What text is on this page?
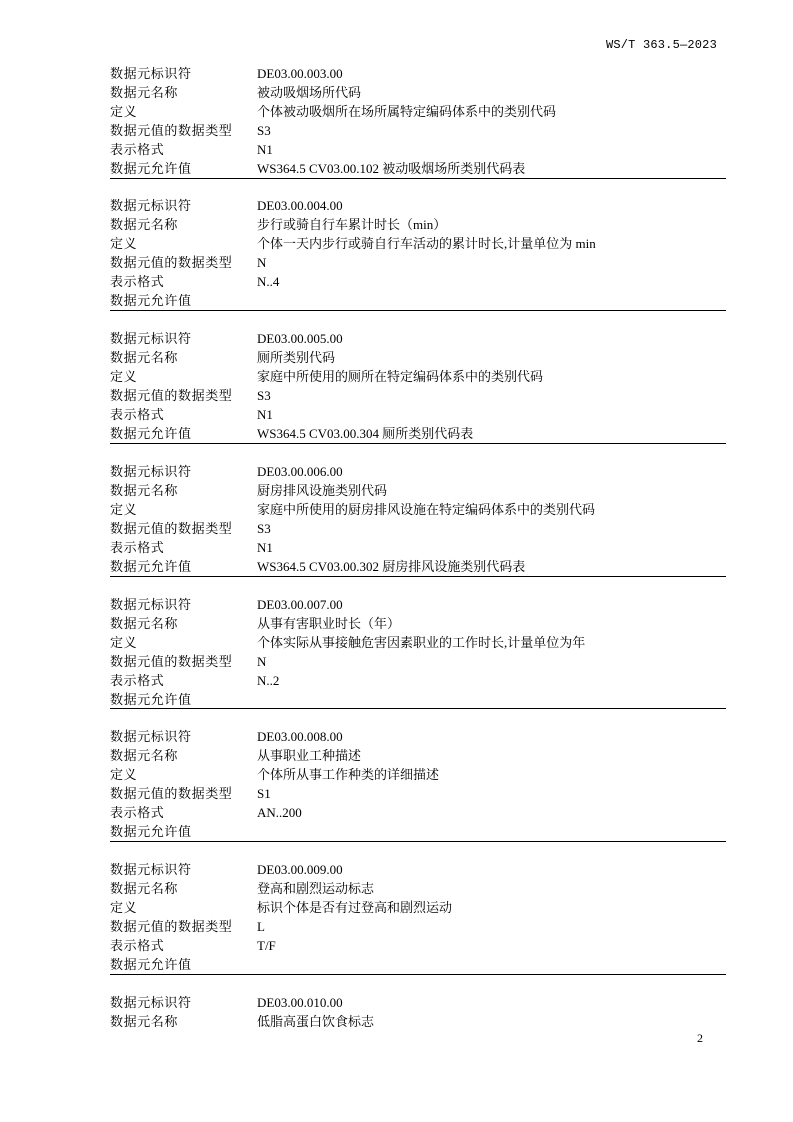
WS/T 363.5—2023
数据元标识符	DE03.00.003.00
数据元名称	被动吸烟场所代码
定义	个体被动吸烟所在场所属特定编码体系中的类别代码
数据元值的数据类型	S3
表示格式	N1
数据元允许值	WS364.5 CV03.00.102 被动吸烟场所类别代码表
数据元标识符	DE03.00.004.00
数据元名称	步行或骑自行车累计时长（min）
定义	个体一天内步行或骑自行车活动的累计时长,计量单位为 min
数据元值的数据类型	N
表示格式	N..4
数据元允许值
数据元标识符	DE03.00.005.00
数据元名称	厕所类别代码
定义	家庭中所使用的厕所在特定编码体系中的类别代码
数据元值的数据类型	S3
表示格式	N1
数据元允许值	WS364.5 CV03.00.304 厕所类别代码表
数据元标识符	DE03.00.006.00
数据元名称	厨房排风设施类别代码
定义	家庭中所使用的厨房排风设施在特定编码体系中的类别代码
数据元值的数据类型	S3
表示格式	N1
数据元允许值	WS364.5 CV03.00.302 厨房排风设施类别代码表
数据元标识符	DE03.00.007.00
数据元名称	从事有害职业时长（年）
定义	个体实际从事接触危害因素职业的工作时长,计量单位为年
数据元值的数据类型	N
表示格式	N..2
数据元允许值
数据元标识符	DE03.00.008.00
数据元名称	从事职业工种描述
定义	个体所从事工作种类的详细描述
数据元值的数据类型	S1
表示格式	AN..200
数据元允许值
数据元标识符	DE03.00.009.00
数据元名称	登高和剧烈运动标志
定义	标识个体是否有过登高和剧烈运动
数据元值的数据类型	L
表示格式	T/F
数据元允许值
数据元标识符	DE03.00.010.00
数据元名称	低脂高蛋白饮食标志
2
